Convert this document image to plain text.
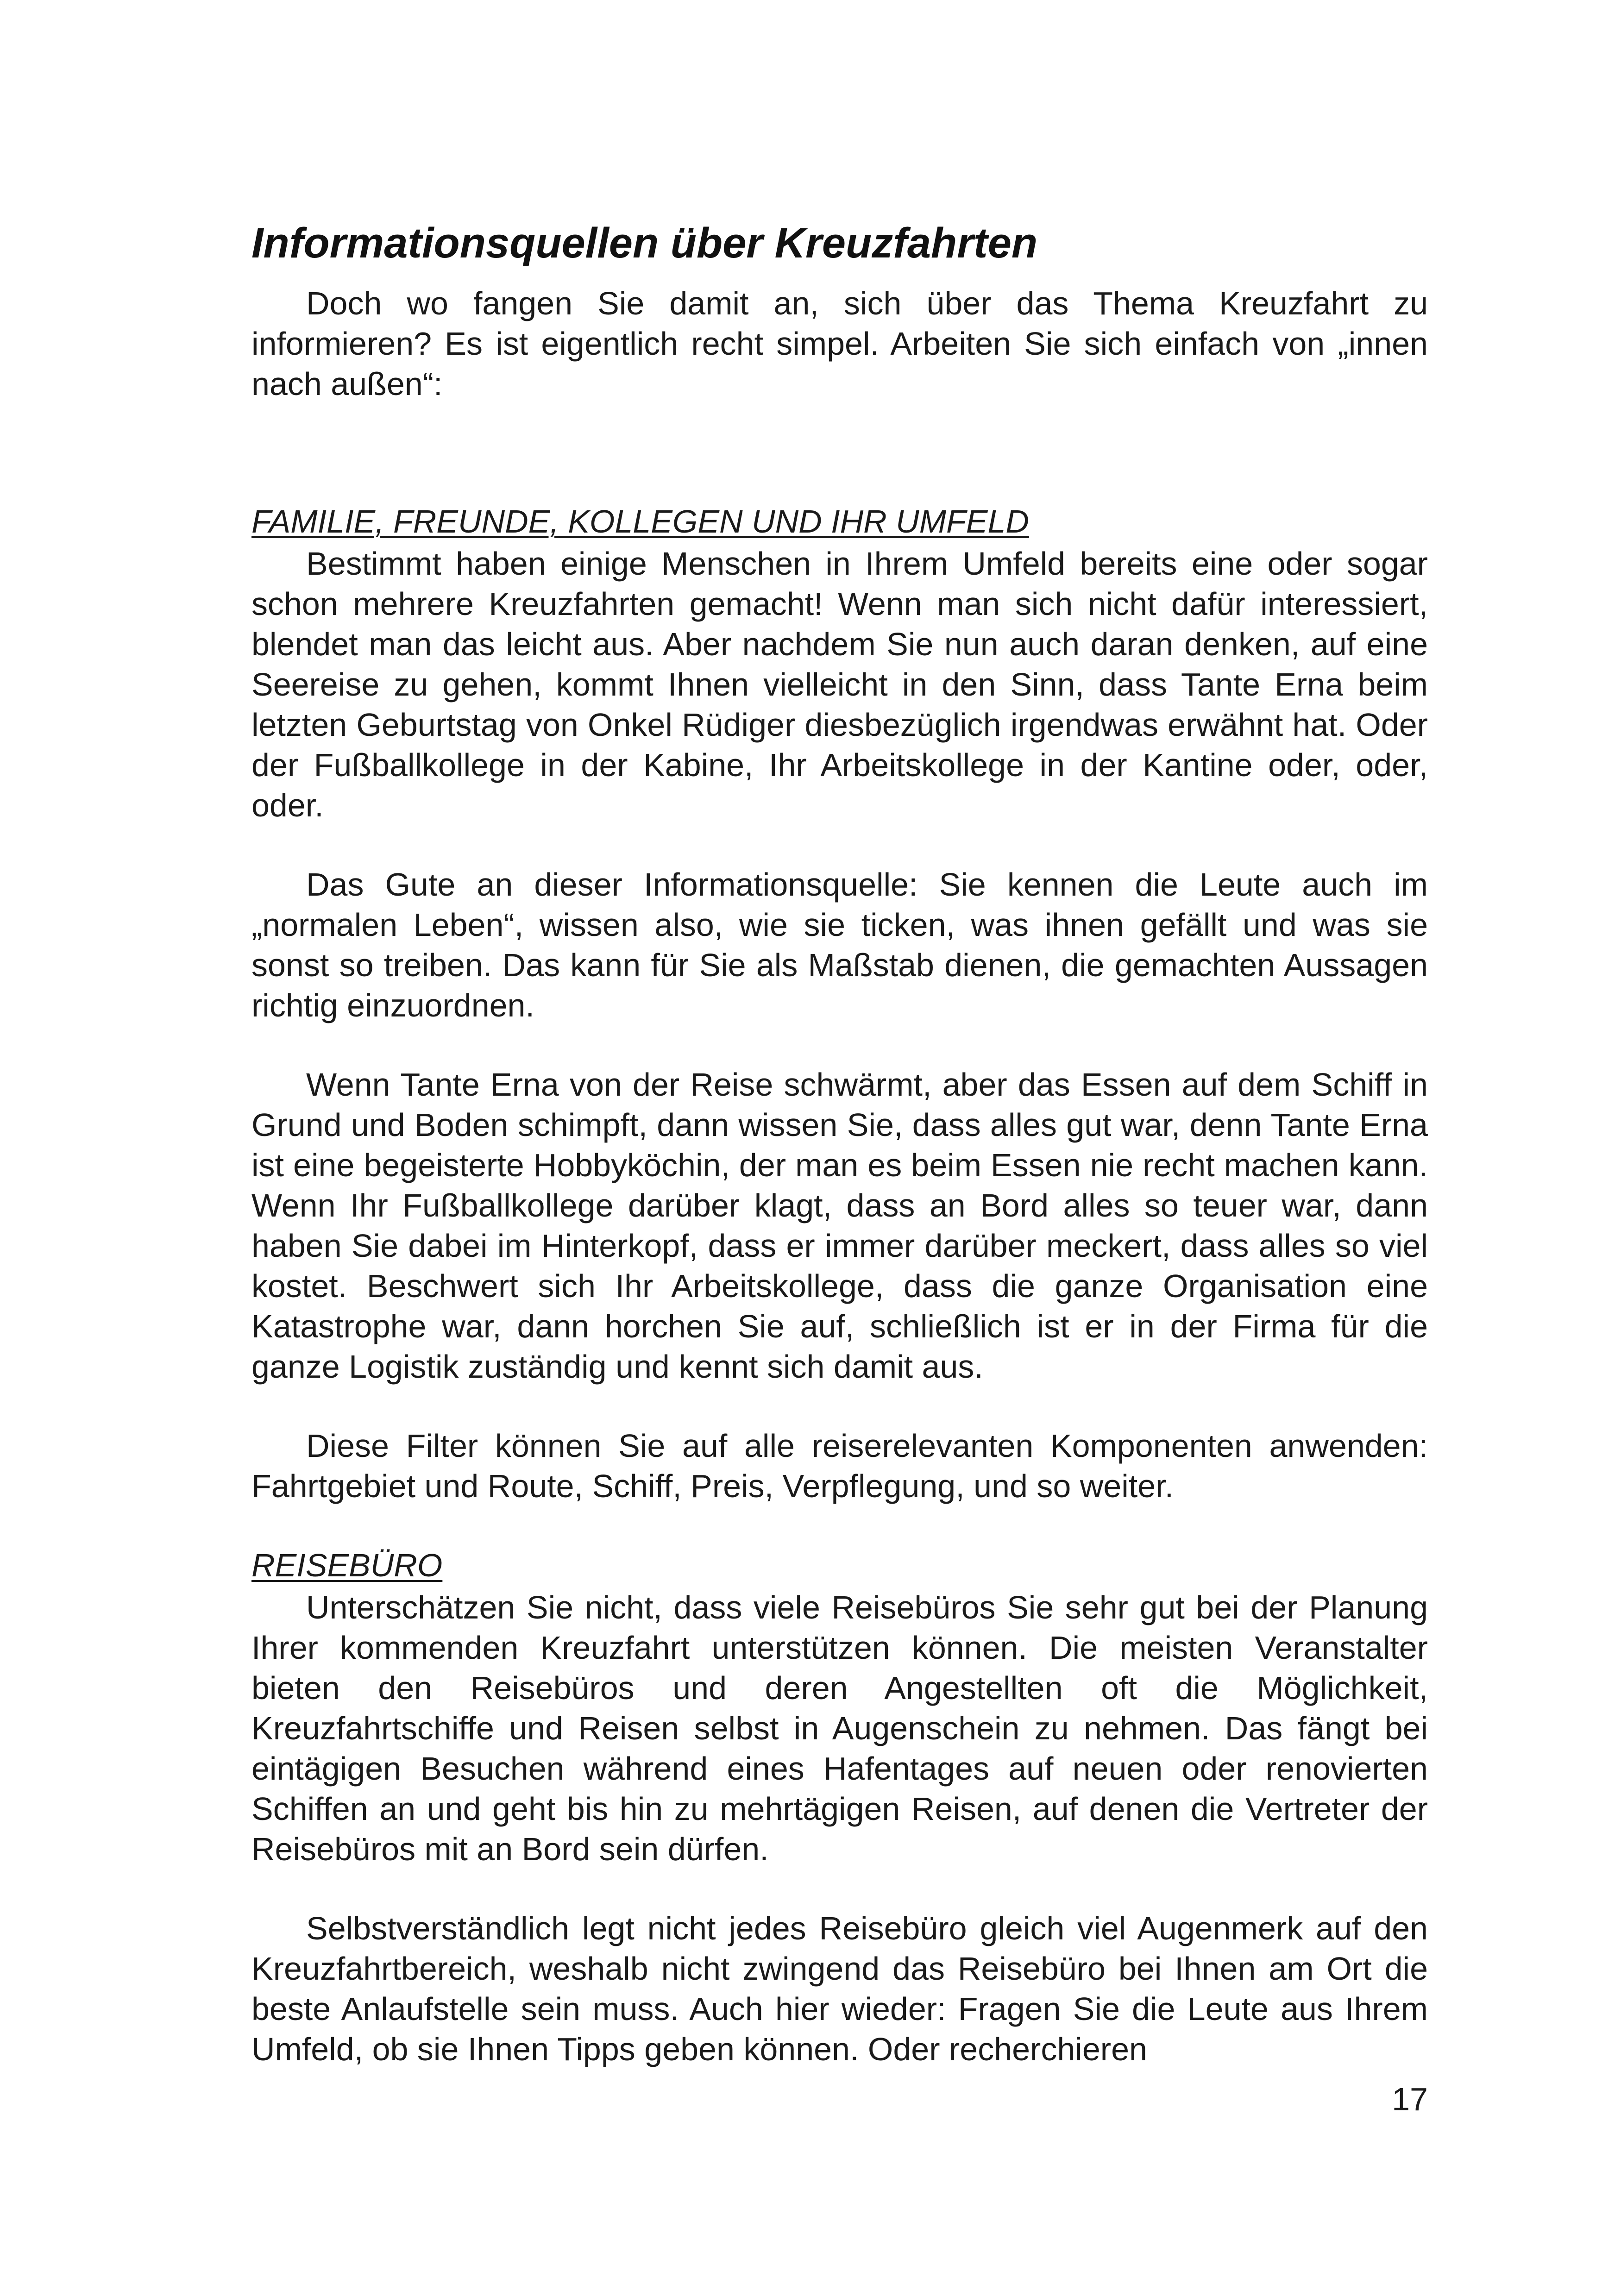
Informationsquellen über Kreuzfahrten

Doch wo fangen Sie damit an, sich über das Thema Kreuzfahrt zu informieren? Es ist eigentlich recht simpel. Arbeiten Sie sich einfach von „innen nach außen“:

FAMILIE, FREUNDE, KOLLEGEN UND IHR UMFELD

Bestimmt haben einige Menschen in Ihrem Umfeld bereits eine oder sogar schon mehrere Kreuzfahrten gemacht! Wenn man sich nicht dafür interessiert, blendet man das leicht aus. Aber nachdem Sie nun auch daran denken, auf eine Seereise zu gehen, kommt Ihnen vielleicht in den Sinn, dass Tante Erna beim letzten Geburtstag von Onkel Rüdiger diesbezüglich irgendwas erwähnt hat. Oder der Fußballkollege in der Kabine, Ihr Arbeitskollege in der Kantine oder, oder, oder.

Das Gute an dieser Informationsquelle: Sie kennen die Leute auch im „normalen Leben“, wissen also, wie sie ticken, was ihnen gefällt und was sie sonst so treiben. Das kann für Sie als Maßstab dienen, die gemachten Aussagen richtig einzuordnen.

Wenn Tante Erna von der Reise schwärmt, aber das Essen auf dem Schiff in Grund und Boden schimpft, dann wissen Sie, dass alles gut war, denn Tante Erna ist eine begeisterte Hobbyköchin, der man es beim Essen nie recht machen kann. Wenn Ihr Fußballkollege darüber klagt, dass an Bord alles so teuer war, dann haben Sie dabei im Hinterkopf, dass er immer darüber meckert, dass alles so viel kostet. Beschwert sich Ihr Arbeitskollege, dass die ganze Organisation eine Katastrophe war, dann horchen Sie auf, schließlich ist er in der Firma für die ganze Logistik zuständig und kennt sich damit aus.

Diese Filter können Sie auf alle reiserelevanten Komponenten anwenden: Fahrtgebiet und Route, Schiff, Preis, Verpflegung, und so weiter.

REISEBÜRO

Unterschätzen Sie nicht, dass viele Reisebüros Sie sehr gut bei der Planung Ihrer kommenden Kreuzfahrt unterstützen können. Die meisten Veranstalter bieten den Reisebüros und deren Angestellten oft die Möglichkeit, Kreuzfahrtschiffe und Reisen selbst in Augenschein zu nehmen. Das fängt bei eintägigen Besuchen während eines Hafentages auf neuen oder renovierten Schiffen an und geht bis hin zu mehrtägigen Reisen, auf denen die Vertreter der Reisebüros mit an Bord sein dürfen.

Selbstverständlich legt nicht jedes Reisebüro gleich viel Augenmerk auf den Kreuzfahrtbereich, weshalb nicht zwingend das Reisebüro bei Ihnen am Ort die beste Anlaufstelle sein muss. Auch hier wieder: Fragen Sie die Leute aus Ihrem Umfeld, ob sie Ihnen Tipps geben können. Oder recherchieren

17
